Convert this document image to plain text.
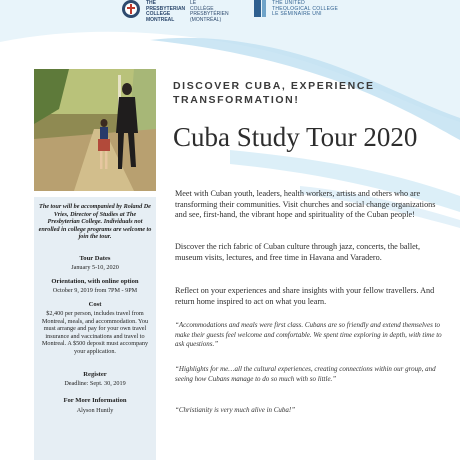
THE
PRESBYTERIAN
COLLEGE
MONTREAL
LE
COLLÈGE
PRESBYTÉRIEN
(MONTRÉAL)
THE UNITED
THEOLOGICAL COLLEGE
LE SÉMINAIRE UNI
DISCOVER CUBA, EXPERIENCE TRANSFORMATION!
Cuba Study Tour 2020
The tour will be accompanied by Roland De Vries, Director of Studies at The Presbyterian College. Individuals not enrolled in college programs are welcome to join the tour.
Tour Dates
January 5-10, 2020
Orientation, with online option
October 9, 2019 from 7PM - 9PM
Cost
$2,400 per person, includes travel from Montreal, meals, and accommodation. You must arrange and pay for your own travel insurance and vaccinations and travel to Montreal. A $500 deposit must accompany your application.
Register
Deadline: Sept. 30, 2019
For More Information
Alyson Huntly
Meet with Cuban youth, leaders, health workers, artists and others who are transforming their communities. Visit churches and social change organizations and see, first-hand, the vibrant hope and spirituality of the Cuban people!
Discover the rich fabric of Cuban culture through jazz, concerts, the ballet, museum visits, lectures, and free time in Havana and Varadero.
Reflect on your experiences and share insights with your fellow travellers. And return home inspired to act on what you learn.
“Accommodations and meals were first class. Cubans are so friendly and extend themselves to make their guests feel welcome and comfortable. We spent time exploring in depth, with time to ask questions.”
“Highlights for me…all the cultural experiences, creating connections within our group, and seeing how Cubans manage to do so much with so little.”
“Christianity is very much alive in Cuba!”
